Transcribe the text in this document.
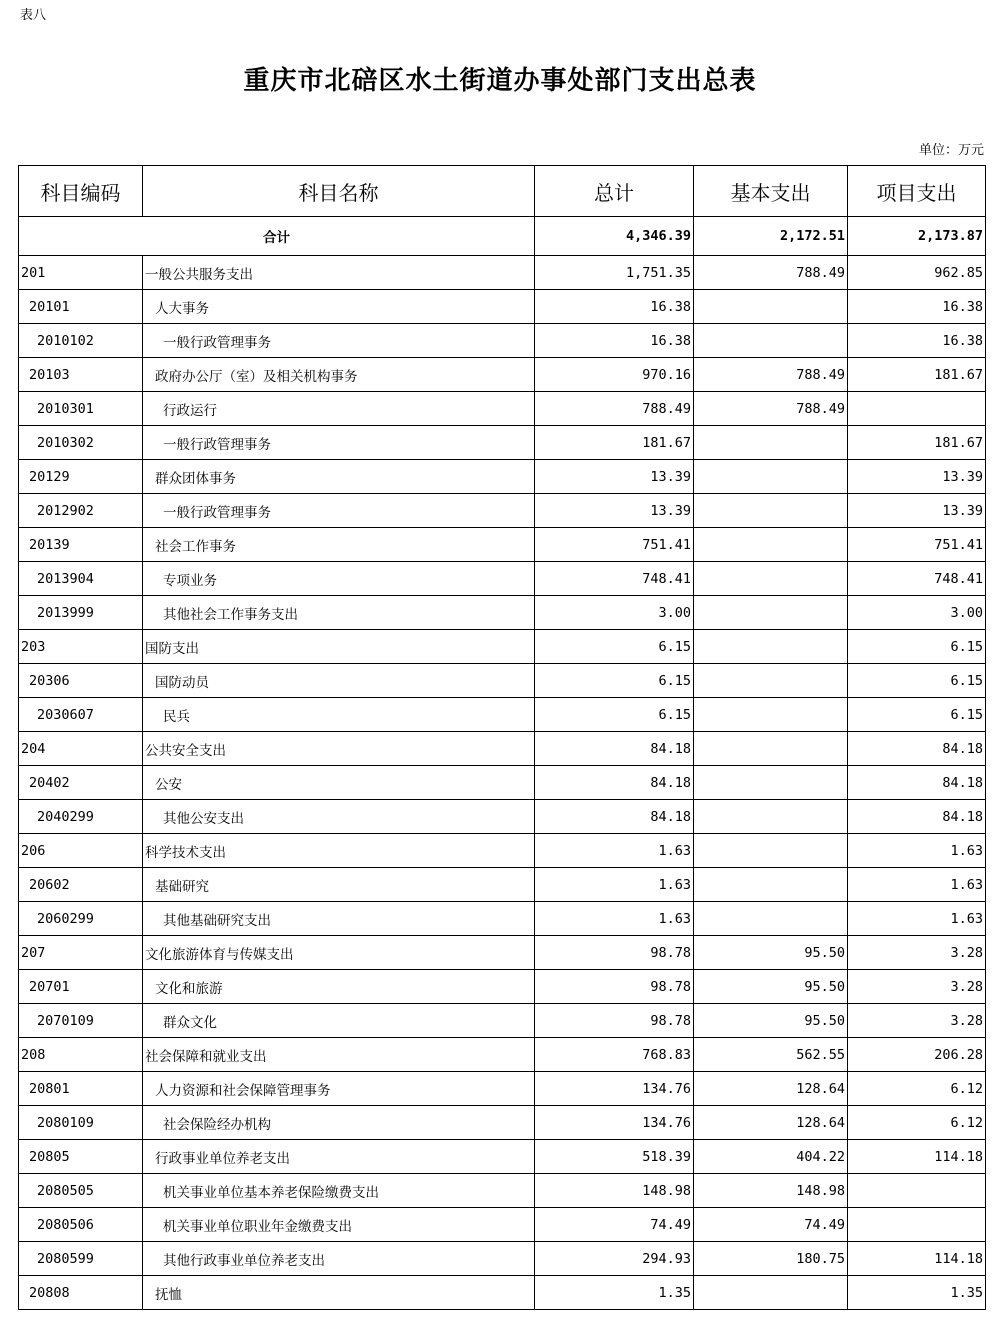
表八
重庆市北碚区水土街道办事处部门支出总表
单位：万元
科目编码	科目名称	总计	基本支出	项目支出
合计		4,346.39	2,172.51	2,173.87
201	一般公共服务支出	1,751.35	788.49	962.85
20101	人大事务	16.38		16.38
2010102	一般行政管理事务	16.38		16.38
20103	政府办公厅（室）及相关机构事务	970.16	788.49	181.67
2010301	行政运行	788.49	788.49	
2010302	一般行政管理事务	181.67		181.67
20129	群众团体事务	13.39		13.39
2012902	一般行政管理事务	13.39		13.39
20139	社会工作事务	751.41		751.41
2013904	专项业务	748.41		748.41
2013999	其他社会工作事务支出	3.00		3.00
203	国防支出	6.15		6.15
20306	国防动员	6.15		6.15
2030607	民兵	6.15		6.15
204	公共安全支出	84.18		84.18
20402	公安	84.18		84.18
2040299	其他公安支出	84.18		84.18
206	科学技术支出	1.63		1.63
20602	基础研究	1.63		1.63
2060299	其他基础研究支出	1.63		1.63
207	文化旅游体育与传媒支出	98.78	95.50	3.28
20701	文化和旅游	98.78	95.50	3.28
2070109	群众文化	98.78	95.50	3.28
208	社会保障和就业支出	768.83	562.55	206.28
20801	人力资源和社会保障管理事务	134.76	128.64	6.12
2080109	社会保险经办机构	134.76	128.64	6.12
20805	行政事业单位养老支出	518.39	404.22	114.18
2080505	机关事业单位基本养老保险缴费支出	148.98	148.98	
2080506	机关事业单位职业年金缴费支出	74.49	74.49	
2080599	其他行政事业单位养老支出	294.93	180.75	114.18
20808	抚恤	1.35		1.35
